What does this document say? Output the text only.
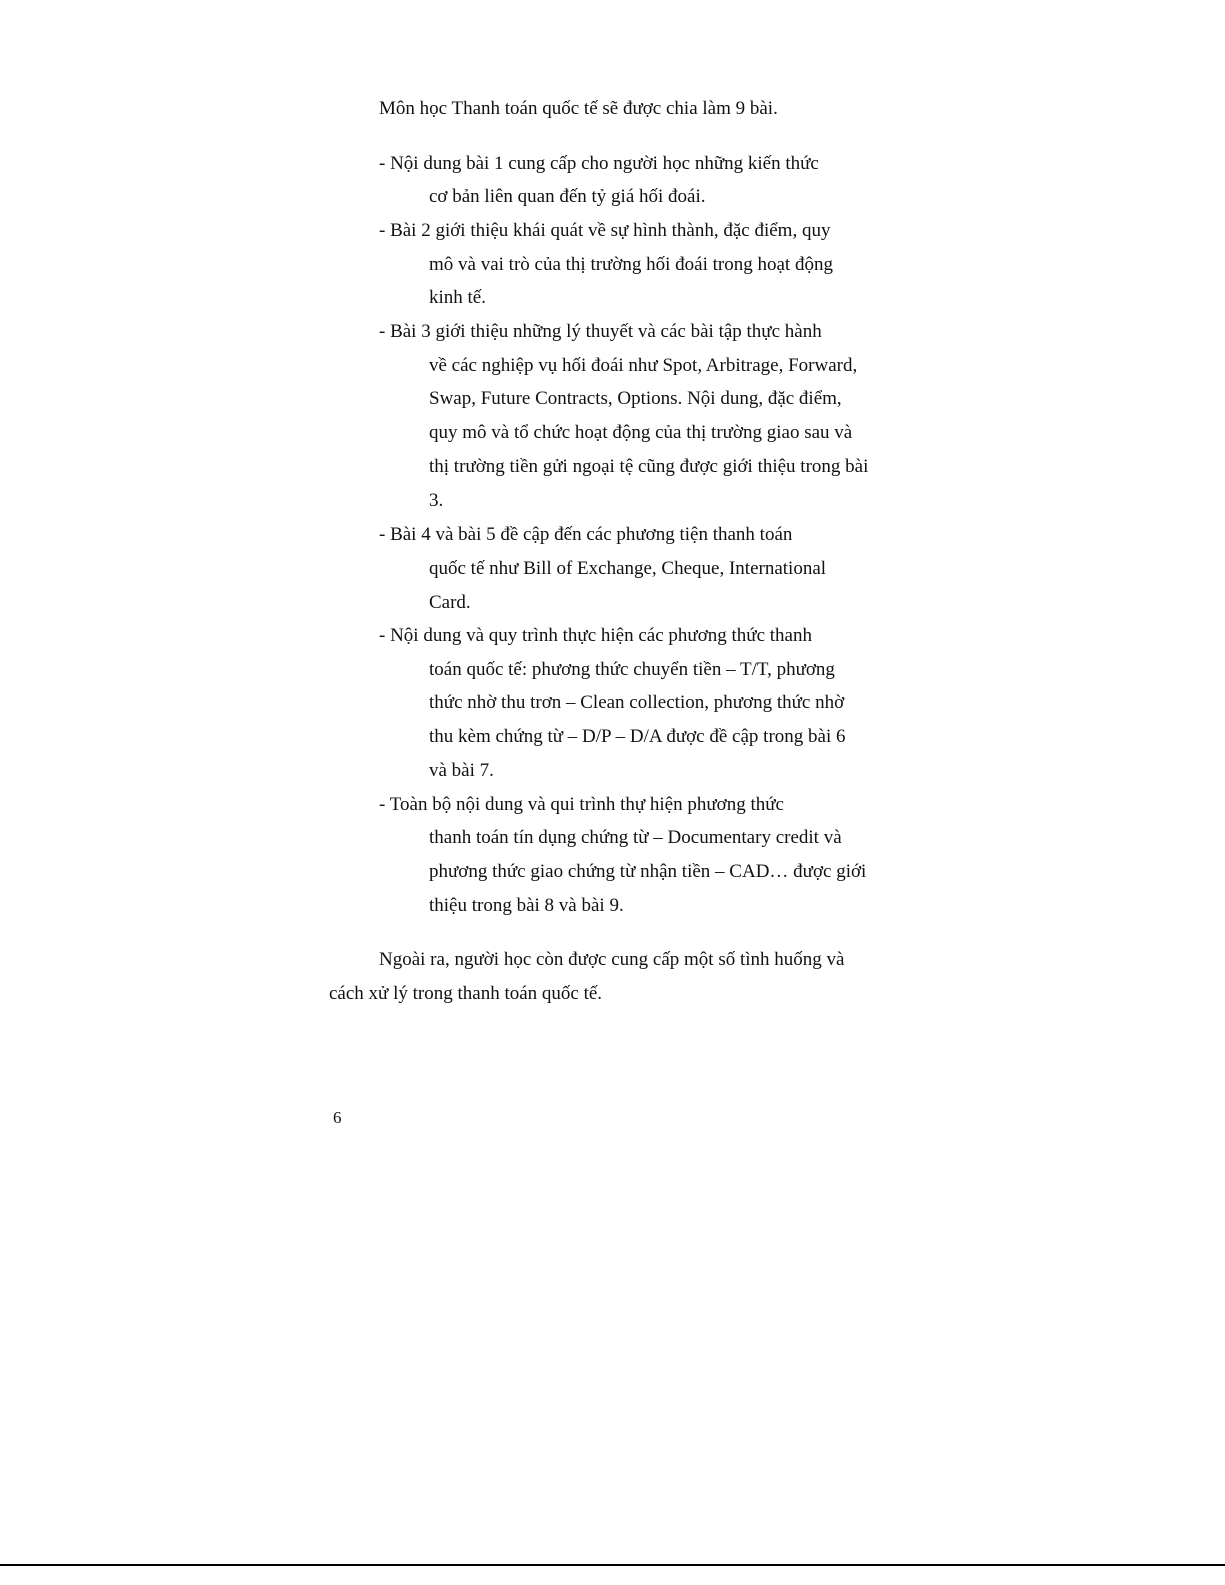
Môn học Thanh toán quốc tế sẽ được chia làm 9 bài.
- Nội dung bài 1 cung cấp cho người học những kiến thức
cơ bản liên quan đến tỷ giá hối đoái.
- Bài 2 giới thiệu khái quát về sự hình thành, đặc điểm, quy
mô và vai trò của thị trường hối đoái trong hoạt động
kinh tế.
- Bài 3 giới thiệu những lý thuyết và các bài tập thực hành
về các nghiệp vụ hối đoái như Spot, Arbitrage, Forward,
Swap, Future Contracts, Options. Nội dung, đặc điểm,
quy mô và tổ chức hoạt động của thị trường giao sau và
thị trường tiền gửi ngoại tệ cũng được giới thiệu trong bài
3.
- Bài 4 và bài 5 đề cập đến các phương tiện thanh toán
quốc tế như Bill of Exchange, Cheque, International
Card.
- Nội dung và quy trình thực hiện các phương thức thanh
toán quốc tế: phương thức chuyển tiền – T/T, phương
thức nhờ thu trơn – Clean collection, phương thức nhờ
thu kèm chứng từ – D/P – D/A được đề cập trong bài 6
và bài 7.
- Toàn bộ nội dung và qui trình thự hiện phương thức
thanh toán tín dụng chứng từ – Documentary credit và
phương thức giao chứng từ nhận tiền – CAD… được giới
thiệu trong bài 8 và bài 9.
Ngoài ra, người học còn được cung cấp một số tình huống và
cách xử lý trong thanh toán quốc tế.
6
